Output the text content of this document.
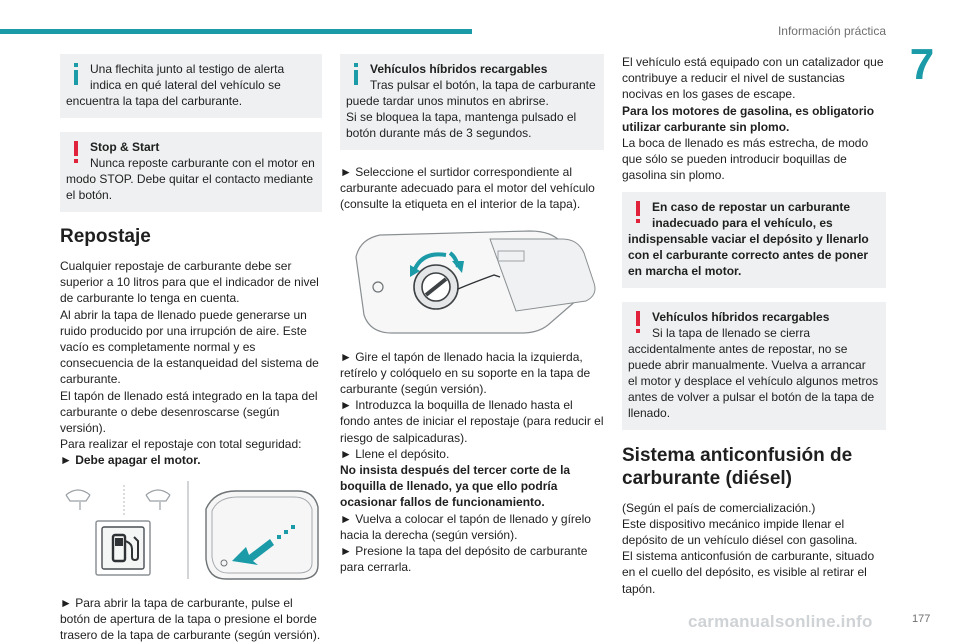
Información práctica
7
Una flechita junto al testigo de alerta
indica en qué lateral del vehículo se
encuentra la tapa del carburante.
Stop & Start
Nunca reposte carburante con el motor en
modo STOP. Debe quitar el contacto mediante
el botón.
Repostaje

Cualquier repostaje de carburante debe ser superior a 10 litros para que el indicador de nivel de carburante lo tenga en cuenta.

Al abrir la tapa de llenado puede generarse un ruido producido por una irrupción de aire. Este vacío es completamente normal y es consecuencia de la estanqueidad del sistema de carburante.

El tapón de llenado está integrado en la tapa del carburante o debe desenroscarse (según versión).

Para realizar el repostaje con total seguridad:

► Debe apagar el motor.

► Para abrir la tapa de carburante, pulse el botón de apertura de la tapa o presione el borde trasero de la tapa de carburante (según versión).

Vehículos híbridos recargables
Tras pulsar el botón, la tapa de carburante
puede tardar unos minutos en abrirse.
Si se bloquea la tapa, mantenga pulsado el
botón durante más de 3 segundos.

► Seleccione el surtidor correspondiente al carburante adecuado para el motor del vehículo (consulte la etiqueta en el interior de la tapa).

► Gire el tapón de llenado hacia la izquierda, retírelo y colóquelo en su soporte en la tapa de carburante (según versión).

► Introduzca la boquilla de llenado hasta el fondo antes de iniciar el repostaje (para reducir el riesgo de salpicaduras).

► Llene el depósito.

No insista después del tercer corte de la boquilla de llenado, ya que ello podría ocasionar fallos de funcionamiento.

► Vuelva a colocar el tapón de llenado y gírelo hacia la derecha (según versión).

► Presione la tapa del depósito de carburante para cerrarla.

El vehículo está equipado con un catalizador que contribuye a reducir el nivel de sustancias nocivas en los gases de escape.

Para los motores de gasolina, es obligatorio utilizar carburante sin plomo.

La boca de llenado es más estrecha, de modo que sólo se pueden introducir boquillas de gasolina sin plomo.

En caso de repostar un carburante
inadecuado para el vehículo, es
indispensable vaciar el depósito y llenarlo
con el carburante correcto antes de poner
en marcha el motor.
Vehículos híbridos recargables
Si la tapa de llenado se cierra
accidentalmente antes de repostar, no se
puede abrir manualmente. Vuelva a arrancar
el motor y desplace el vehículo algunos metros
antes de volver a pulsar el botón de la tapa de
llenado.
Sistema anticonfusión de carburante (diésel)

(Según el país de comercialización.)

Este dispositivo mecánico impide llenar el depósito de un vehículo diésel con gasolina.

El sistema anticonfusión de carburante, situado en el cuello del depósito, es visible al retirar el tapón.

carmanualsonline.info	177
